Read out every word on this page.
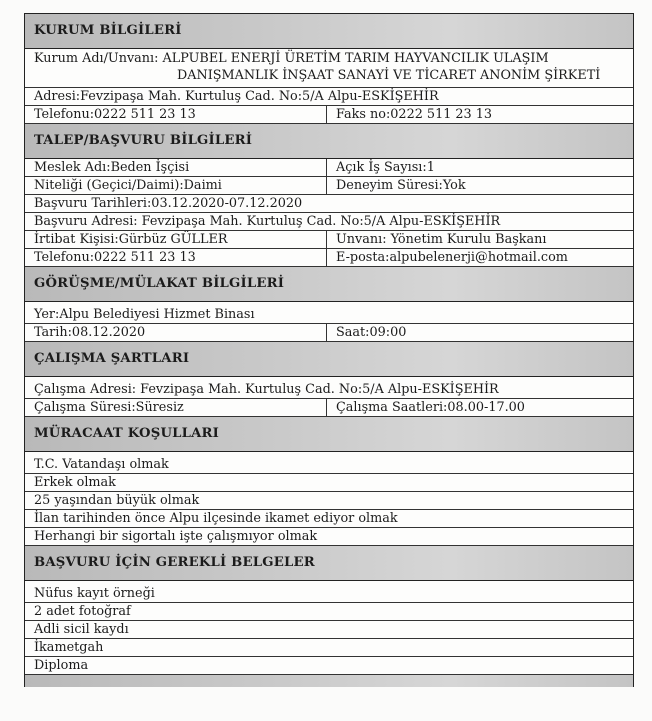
KURUM BİLGİLERİ
Kurum Adı/Unvanı: ALPUBEL ENERJİ ÜRETİM TARIM HAYVANCILIK ULAŞIM
DANIŞMANLIK İNŞAAT SANAYİ VE TİCARET ANONİM ŞİRKETİ
Adresi:Fevzipaşa Mah. Kurtuluş Cad. No:5/A Alpu-ESKİŞEHİR
Telefonu:0222 511 23 13	Faks no:0222 511 23 13
TALEP/BAŞVURU BİLGİLERİ
Meslek Adı:Beden İşçisi	Açık İş Sayısı:1
Niteliği (Geçici/Daimi):Daimi	Deneyim Süresi:Yok
Başvuru Tarihleri:03.12.2020-07.12.2020
Başvuru Adresi: Fevzipaşa Mah. Kurtuluş Cad. No:5/A Alpu-ESKİŞEHİR
İrtibat Kişisi:Gürbüz GÜLLER	Unvanı: Yönetim Kurulu Başkanı
Telefonu:0222 511 23 13	E-posta:alpubelenerji@hotmail.com
GÖRÜŞME/MÜLAKAT BİLGİLERİ
Yer:Alpu Belediyesi Hizmet Binası
Tarih:08.12.2020	Saat:09:00
ÇALIŞMA ŞARTLARI
Çalışma Adresi: Fevzipaşa Mah. Kurtuluş Cad. No:5/A Alpu-ESKİŞEHİR
Çalışma Süresi:Süresiz	Çalışma Saatleri:08.00-17.00
MÜRACAAT KOŞULLARI
T.C. Vatandaşı olmak
Erkek olmak
25 yaşından büyük olmak
İlan tarihinden önce Alpu ilçesinde ikamet ediyor olmak
Herhangi bir sigortalı işte çalışmıyor olmak
BAŞVURU İÇİN GEREKLİ BELGELER
Nüfus kayıt örneği
2 adet fotoğraf
Adli sicil kaydı
İkametgah
Diploma
